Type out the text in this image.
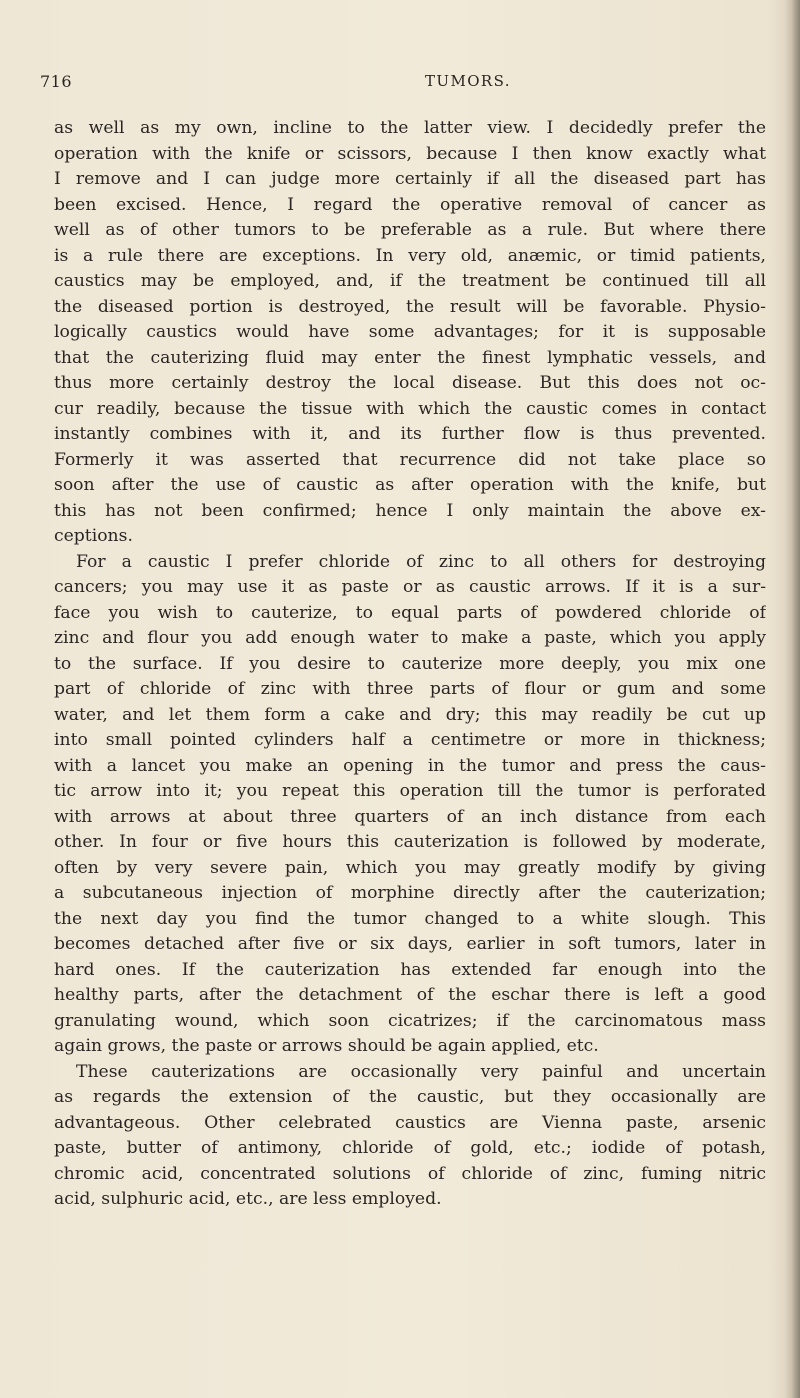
716	TUMORS.
as well as my own, incline to the latter view. I decidedly prefer the
operation with the knife or scissors, because I then know exactly what
I remove and I can judge more certainly if all the diseased part has
been excised. Hence, I regard the operative removal of cancer as
well as of other tumors to be preferable as a rule. But where there
is a rule there are exceptions. In very old, anæmic, or timid patients,
caustics may be employed, and, if the treatment be continued till all
the diseased portion is destroyed, the result will be favorable. Physio-
logically caustics would have some advantages; for it is supposable
that the cauterizing fluid may enter the finest lymphatic vessels, and
thus more certainly destroy the local disease. But this does not oc-
cur readily, because the tissue with which the caustic comes in contact
instantly combines with it, and its further flow is thus prevented.
Formerly it was asserted that recurrence did not take place so
soon after the use of caustic as after operation with the knife, but
this has not been confirmed; hence I only maintain the above ex-
ceptions.
For a caustic I prefer chloride of zinc to all others for destroying
cancers; you may use it as paste or as caustic arrows. If it is a sur-
face you wish to cauterize, to equal parts of powdered chloride of
zinc and flour you add enough water to make a paste, which you apply
to the surface. If you desire to cauterize more deeply, you mix one
part of chloride of zinc with three parts of flour or gum and some
water, and let them form a cake and dry; this may readily be cut up
into small pointed cylinders half a centimetre or more in thickness;
with a lancet you make an opening in the tumor and press the caus-
tic arrow into it; you repeat this operation till the tumor is perforated
with arrows at about three quarters of an inch distance from each
other. In four or five hours this cauterization is followed by moderate,
often by very severe pain, which you may greatly modify by giving
a subcutaneous injection of morphine directly after the cauterization;
the next day you find the tumor changed to a white slough. This
becomes detached after five or six days, earlier in soft tumors, later in
hard ones. If the cauterization has extended far enough into the
healthy parts, after the detachment of the eschar there is left a good
granulating wound, which soon cicatrizes; if the carcinomatous mass
again grows, the paste or arrows should be again applied, etc.
These cauterizations are occasionally very painful and uncertain
as regards the extension of the caustic, but they occasionally are
advantageous. Other celebrated caustics are Vienna paste, arsenic
paste, butter of antimony, chloride of gold, etc.; iodide of potash,
chromic acid, concentrated solutions of chloride of zinc, fuming nitric
acid, sulphuric acid, etc., are less employed.
